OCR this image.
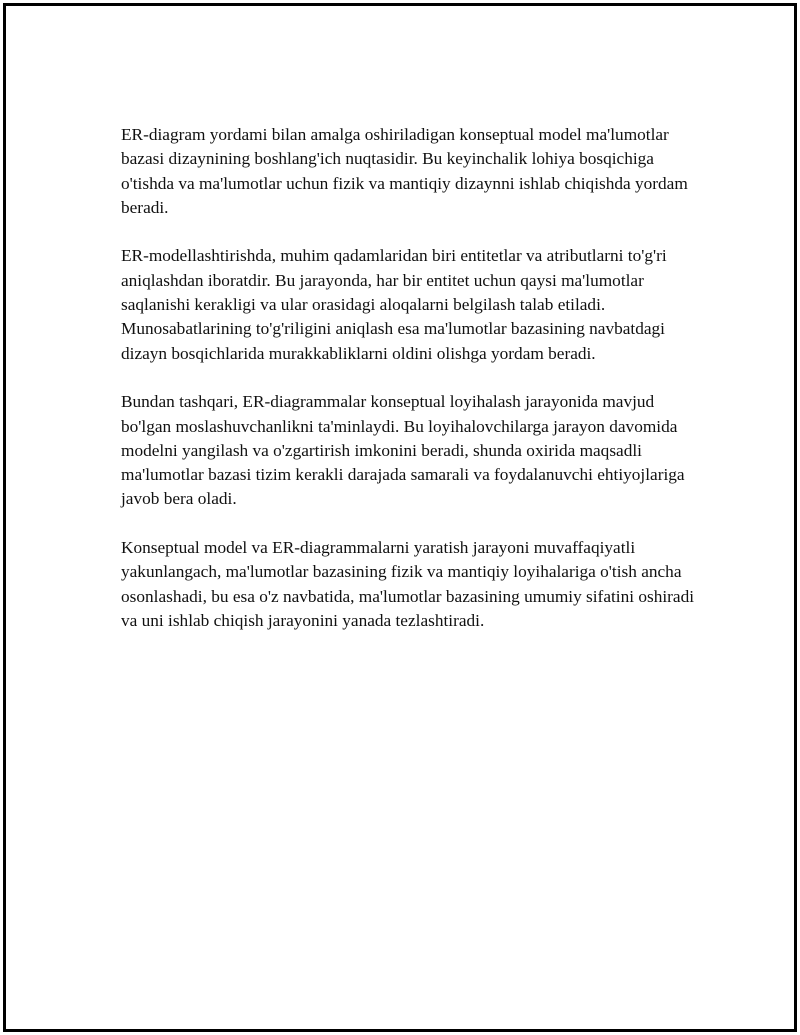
ER-diagram yordami bilan amalga oshiriladigan konseptual model ma'lumotlar bazasi dizaynining boshlang'ich nuqtasidir. Bu keyinchalik lohiya bosqichiga o'tishda va ma'lumotlar uchun fizik va mantiqiy dizaynni ishlab chiqishda yordam beradi.

ER-modellashtirishda, muhim qadamlaridan biri entitetlar va atributlarni to'g'ri aniqlashdan iboratdir. Bu jarayonda, har bir entitet uchun qaysi ma'lumotlar saqlanishi kerakligi va ular orasidagi aloqalarni belgilash talab etiladi. Munosabatlarining to'g'riligini aniqlash esa ma'lumotlar bazasining navbatdagi dizayn bosqichlarida murakkabliklarni oldini olishga yordam beradi.

Bundan tashqari, ER-diagrammalar konseptual loyihalash jarayonida mavjud bo'lgan moslashuvchanlikni ta'minlaydi. Bu loyihalovchilarga jarayon davomida modelni yangilash va o'zgartirish imkonini beradi, shunda oxirida maqsadli ma'lumotlar bazasi tizim kerakli darajada samarali va foydalanuvchi ehtiyojlariga javob bera oladi.

Konseptual model va ER-diagrammalarni yaratish jarayoni muvaffaqiyatli yakunlangach, ma'lumotlar bazasining fizik va mantiqiy loyihalariga o'tish ancha osonlashadi, bu esa o'z navbatida, ma'lumotlar bazasining umumiy sifatini oshiradi va uni ishlab chiqish jarayonini yanada tezlashtiradi.
